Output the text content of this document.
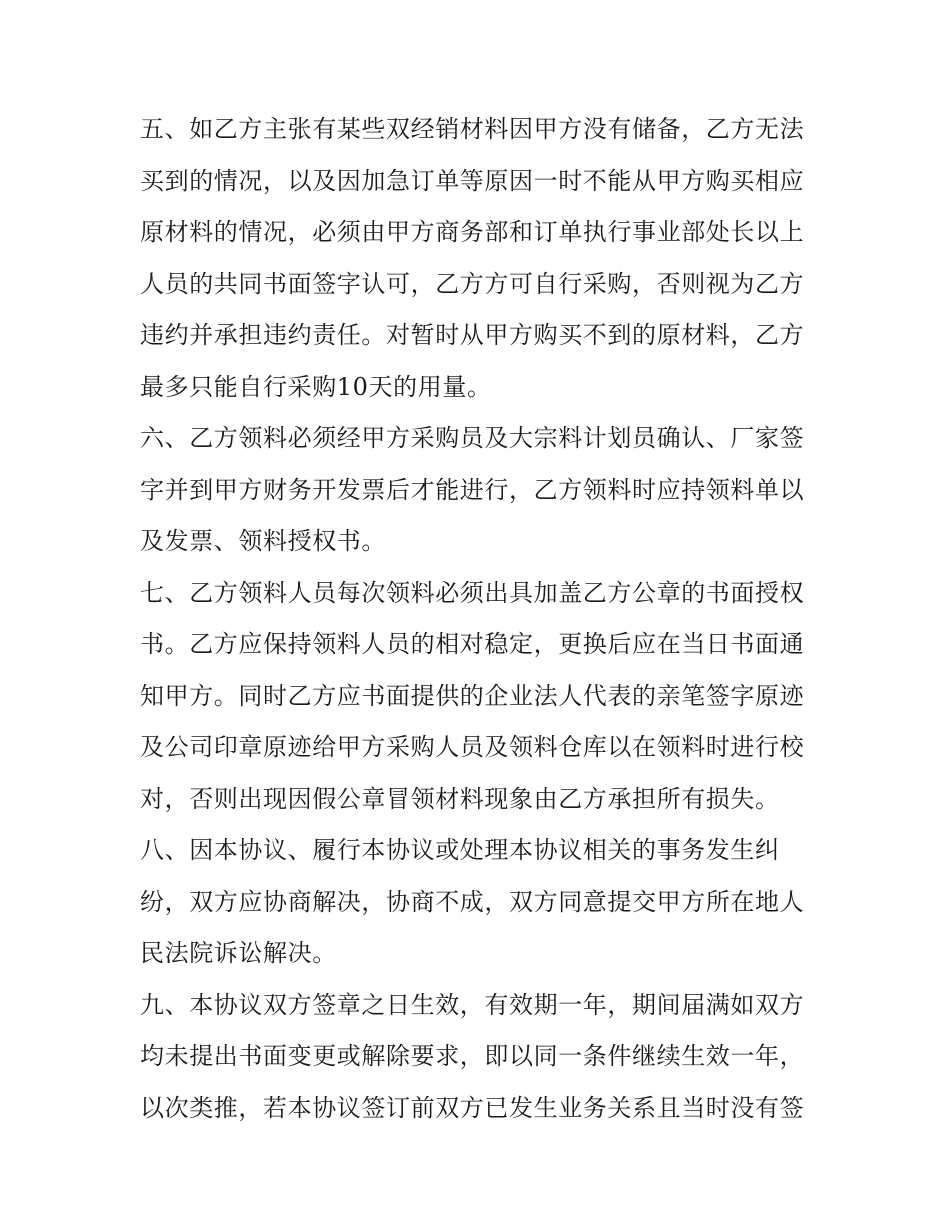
五、如乙方主张有某些双经销材料因甲方没有储备，乙方无法
买到的情况，以及因加急订单等原因一时不能从甲方购买相应
原材料的情况，必须由甲方商务部和订单执行事业部处长以上
人员的共同书面签字认可，乙方方可自行采购，否则视为乙方
违约并承担违约责任。对暂时从甲方购买不到的原材料，乙方
最多只能自行采购10天的用量。
六、乙方领料必须经甲方采购员及大宗料计划员确认、厂家签
字并到甲方财务开发票后才能进行，乙方领料时应持领料单以
及发票、领料授权书。
七、乙方领料人员每次领料必须出具加盖乙方公章的书面授权
书。乙方应保持领料人员的相对稳定，更换后应在当日书面通
知甲方。同时乙方应书面提供的企业法人代表的亲笔签字原迹
及公司印章原迹给甲方采购人员及领料仓库以在领料时进行校
对，否则出现因假公章冒领材料现象由乙方承担所有损失。
八、因本协议、履行本协议或处理本协议相关的事务发生纠
纷，双方应协商解决，协商不成，双方同意提交甲方所在地人
民法院诉讼解决。
九、本协议双方签章之日生效，有效期一年，期间届满如双方
均未提出书面变更或解除要求，即以同一条件继续生效一年，
以次类推，若本协议签订前双方已发生业务关系且当时没有签
